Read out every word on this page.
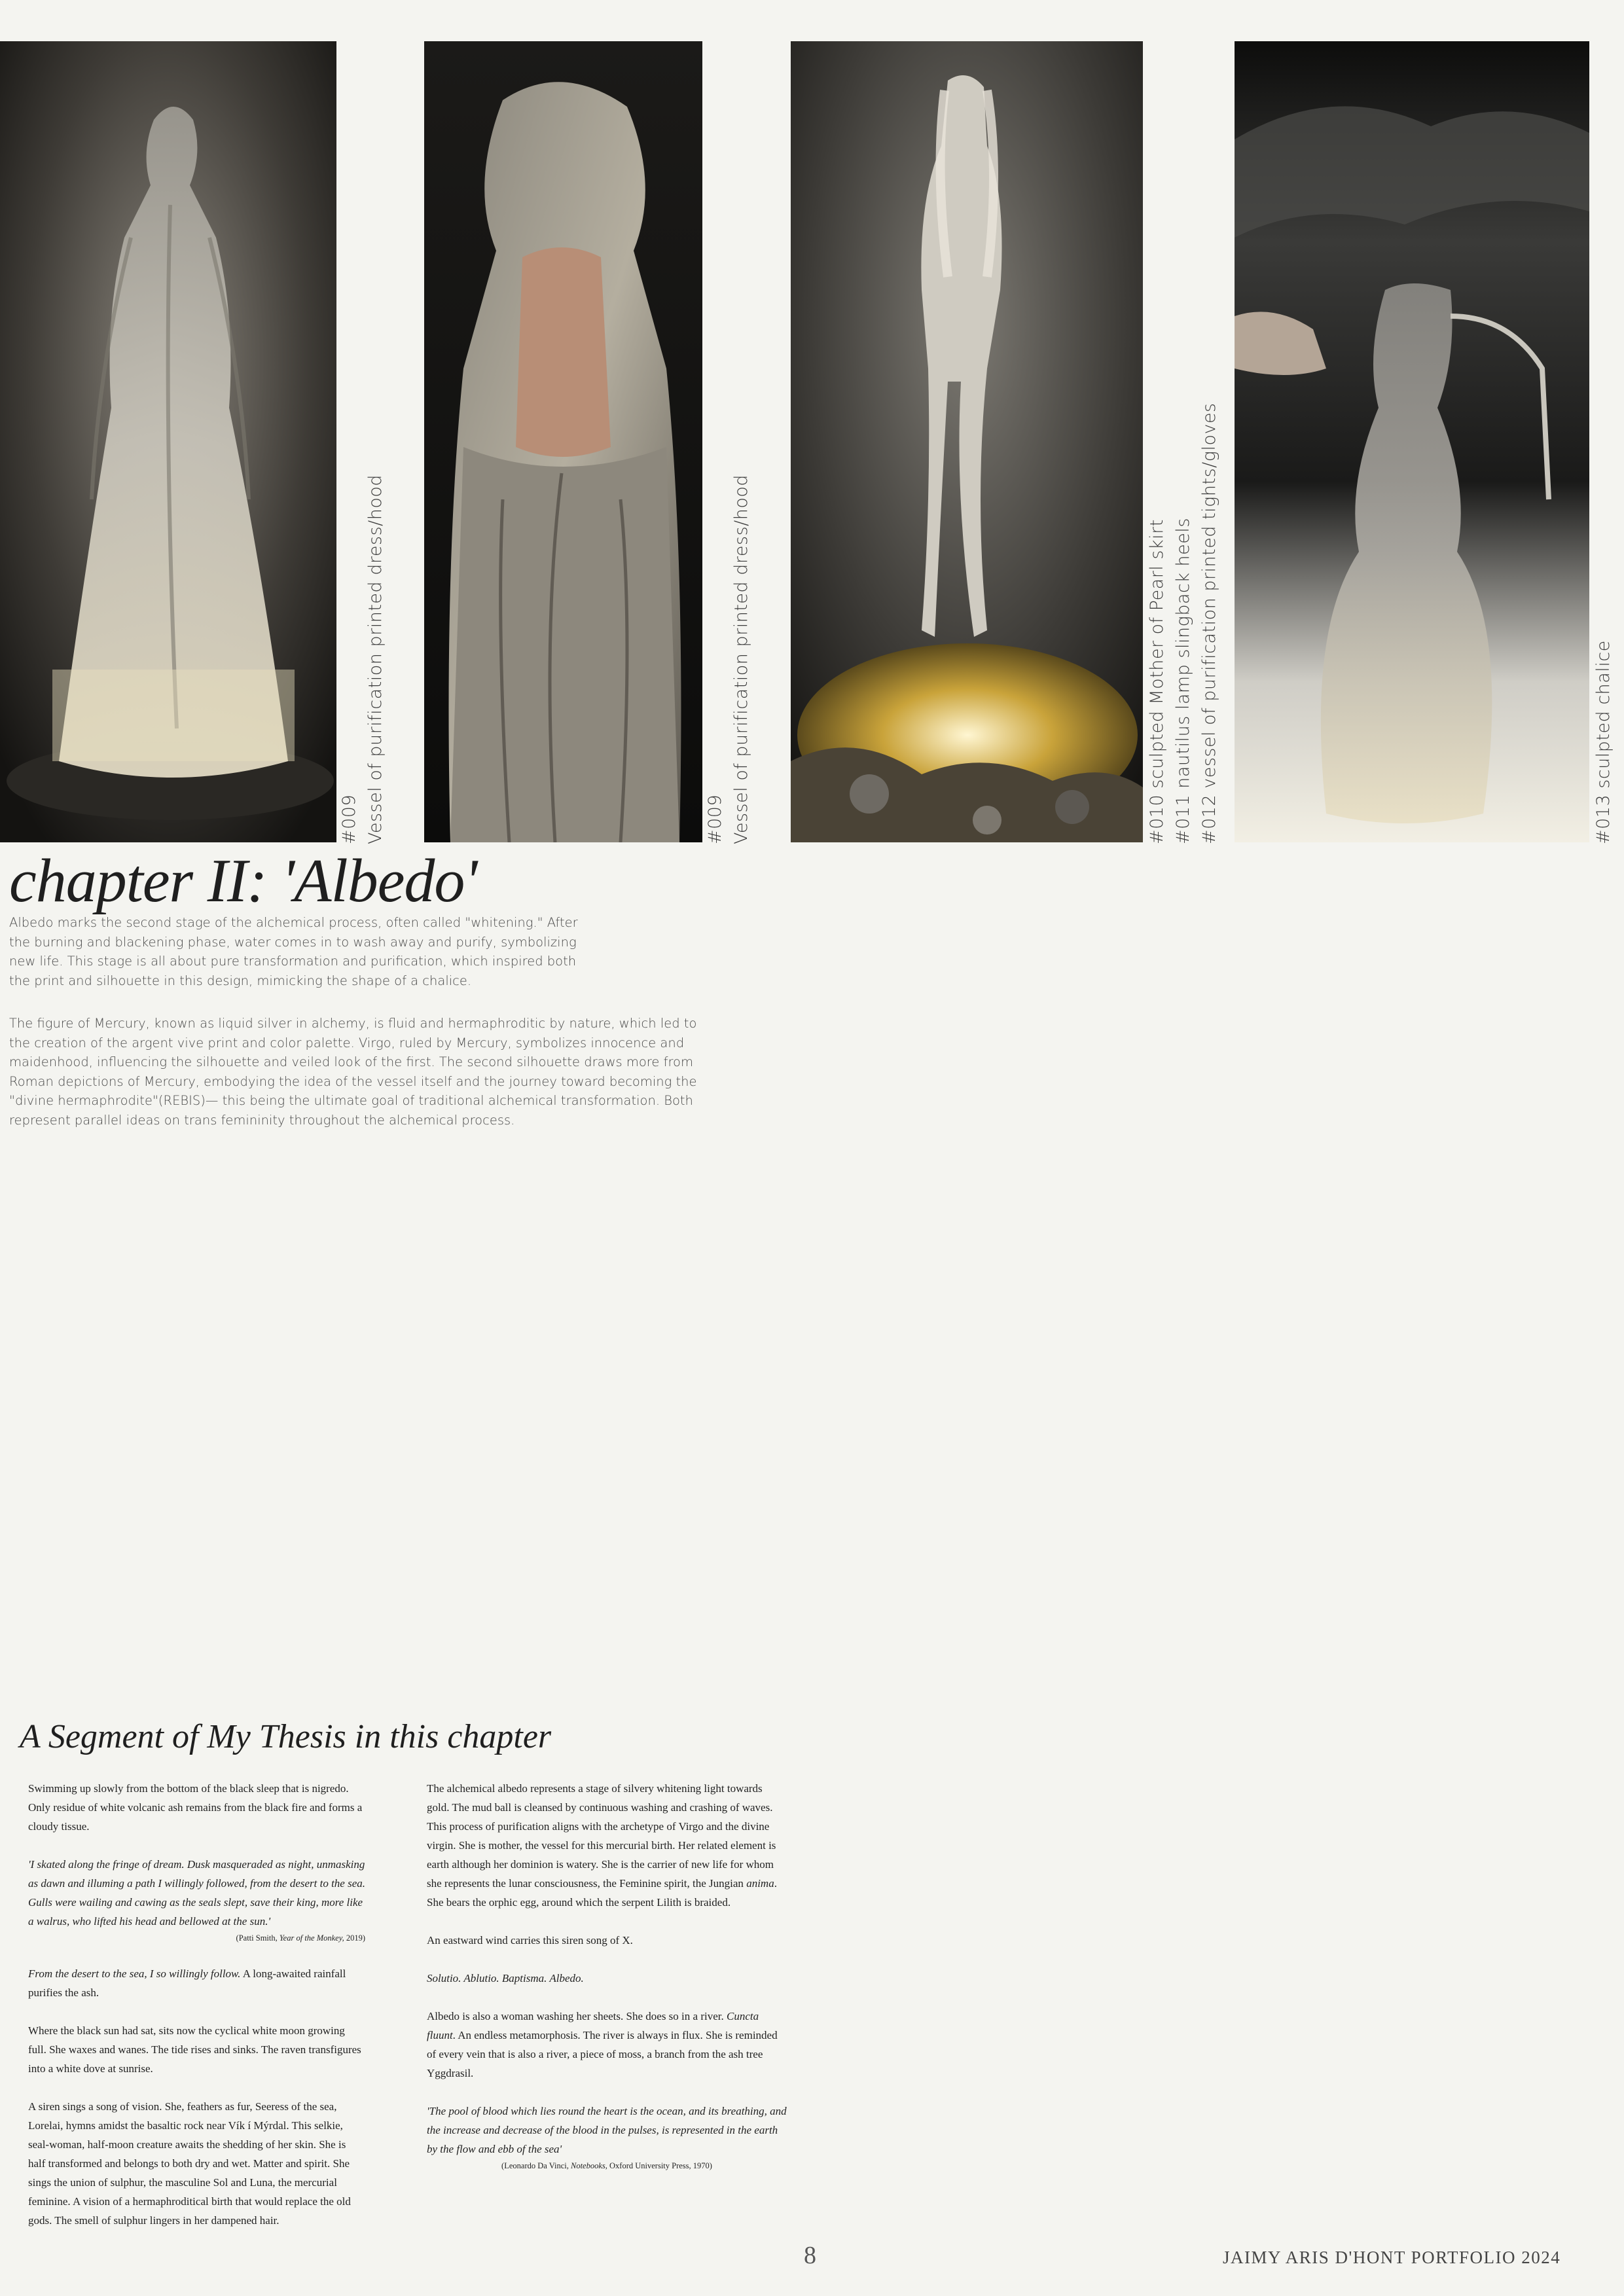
#009 Vessel of purification printed dress/hood	#009 Vessel of purification printed dress/hood	#010 sculpted Mother of Pearl skirt #011 nautilus lamp slingback heels #012 vessel of purification printed tights/gloves	#013 sculpted chalice
chapter II: 'Albedo'

Albedo marks the second stage of the alchemical process, often called "whitening." After the burning and blackening phase, water comes in to wash away and purify, symbolizing new life. This stage is all about pure transformation and purification, which inspired both the print and silhouette in this design, mimicking the shape of a chalice.

The figure of Mercury, known as liquid silver in alchemy, is fluid and hermaphroditic by nature, which led to the creation of the argent vive print and color palette. Virgo, ruled by Mercury, symbolizes innocence and maidenhood, influencing the silhouette and veiled look of the first. The second silhouette draws more from Roman depictions of Mercury, embodying the idea of the vessel itself and the journey toward becoming the "divine hermaphrodite"(REBIS)— this being the ultimate goal of traditional alchemical transformation. Both represent parallel ideas on trans femininity throughout the alchemical process.

A Segment of My Thesis in this chapter

Swimming up slowly from the bottom of the black sleep that is nigredo. Only residue of white volcanic ash remains from the black fire and forms a cloudy tissue.

'I skated along the fringe of dream. Dusk masqueraded as night, unmasking as dawn and illuming a path I willingly followed, from the desert to the sea. Gulls were wailing and cawing as the seals slept, save their king, more like a walrus, who lifted his head and bellowed at the sun.'

(Patti Smith, Year of the Monkey, 2019)

From the desert to the sea, I so willingly follow. A long-awaited rainfall purifies the ash.

Where the black sun had sat, sits now the cyclical white moon growing full. She waxes and wanes. The tide rises and sinks. The raven transfigures into a white dove at sunrise.

A siren sings a song of vision. She, feathers as fur, Seeress of the sea, Lorelai, hymns amidst the basaltic rock near Vík í Mýrdal. This selkie, seal-woman, half-moon creature awaits the shedding of her skin. She is half transformed and belongs to both dry and wet. Matter and spirit. She sings the union of sulphur, the masculine Sol and Luna, the mercurial feminine. A vision of a hermaphroditical birth that would replace the old gods. The smell of sulphur lingers in her dampened hair.

The alchemical albedo represents a stage of silvery whitening light towards gold. The mud ball is cleansed by continuous washing and crashing of waves. This process of purification aligns with the archetype of Virgo and the divine virgin. She is mother, the vessel for this mercurial birth. Her related element is earth although her dominion is watery. She is the carrier of new life for whom she represents the lunar consciousness, the Feminine spirit, the Jungian anima. She bears the orphic egg, around which the serpent Lilith is braided.

An eastward wind carries this siren song of X.

Solutio. Ablutio. Baptisma. Albedo.

Albedo is also a woman washing her sheets. She does so in a river. Cuncta fluunt. An endless metamorphosis. The river is always in flux. She is reminded of every vein that is also a river, a piece of moss, a branch from the ash tree Yggdrasil.

'The pool of blood which lies round the heart is the ocean, and its breathing, and the increase and decrease of the blood in the pulses, is represented in the earth by the flow and ebb of the sea'

(Leonardo Da Vinci, Notebooks, Oxford University Press, 1970)

8	JAIMY ARIS D'HONT PORTFOLIO 2024
